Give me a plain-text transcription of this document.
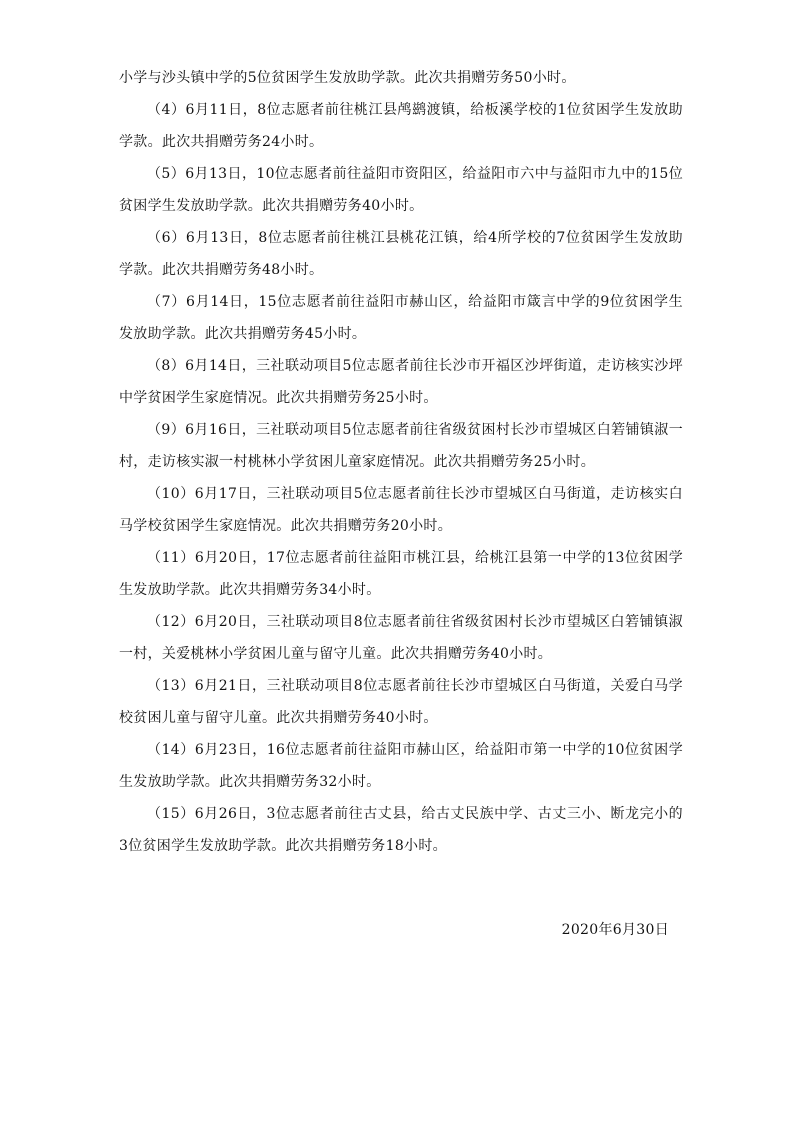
小学与沙头镇中学的5位贫困学生发放助学款。此次共捐赠劳务50小时。

（4）6月11日，8位志愿者前往桃江县鸬鹚渡镇，给板溪学校的1位贫困学生发放助学款。此次共捐赠劳务24小时。

（5）6月13日，10位志愿者前往益阳市资阳区，给益阳市六中与益阳市九中的15位贫困学生发放助学款。此次共捐赠劳务40小时。

（6）6月13日，8位志愿者前往桃江县桃花江镇，给4所学校的7位贫困学生发放助学款。此次共捐赠劳务48小时。

（7）6月14日，15位志愿者前往益阳市赫山区，给益阳市箴言中学的9位贫困学生发放助学款。此次共捐赠劳务45小时。

（8）6月14日，三社联动项目5位志愿者前往长沙市开福区沙坪街道，走访核实沙坪中学贫困学生家庭情况。此次共捐赠劳务25小时。

（9）6月16日，三社联动项目5位志愿者前往省级贫困村长沙市望城区白箬铺镇淑一村，走访核实淑一村桃林小学贫困儿童家庭情况。此次共捐赠劳务25小时。

（10）6月17日，三社联动项目5位志愿者前往长沙市望城区白马街道，走访核实白马学校贫困学生家庭情况。此次共捐赠劳务20小时。

（11）6月20日，17位志愿者前往益阳市桃江县，给桃江县第一中学的13位贫困学生发放助学款。此次共捐赠劳务34小时。

（12）6月20日，三社联动项目8位志愿者前往省级贫困村长沙市望城区白箬铺镇淑一村，关爱桃林小学贫困儿童与留守儿童。此次共捐赠劳务40小时。

（13）6月21日，三社联动项目8位志愿者前往长沙市望城区白马街道，关爱白马学校贫困儿童与留守儿童。此次共捐赠劳务40小时。

（14）6月23日，16位志愿者前往益阳市赫山区，给益阳市第一中学的10位贫困学生发放助学款。此次共捐赠劳务32小时。

（15）6月26日，3位志愿者前往古丈县，给古丈民族中学、古丈三小、断龙完小的3位贫困学生发放助学款。此次共捐赠劳务18小时。

2020年6月30日
